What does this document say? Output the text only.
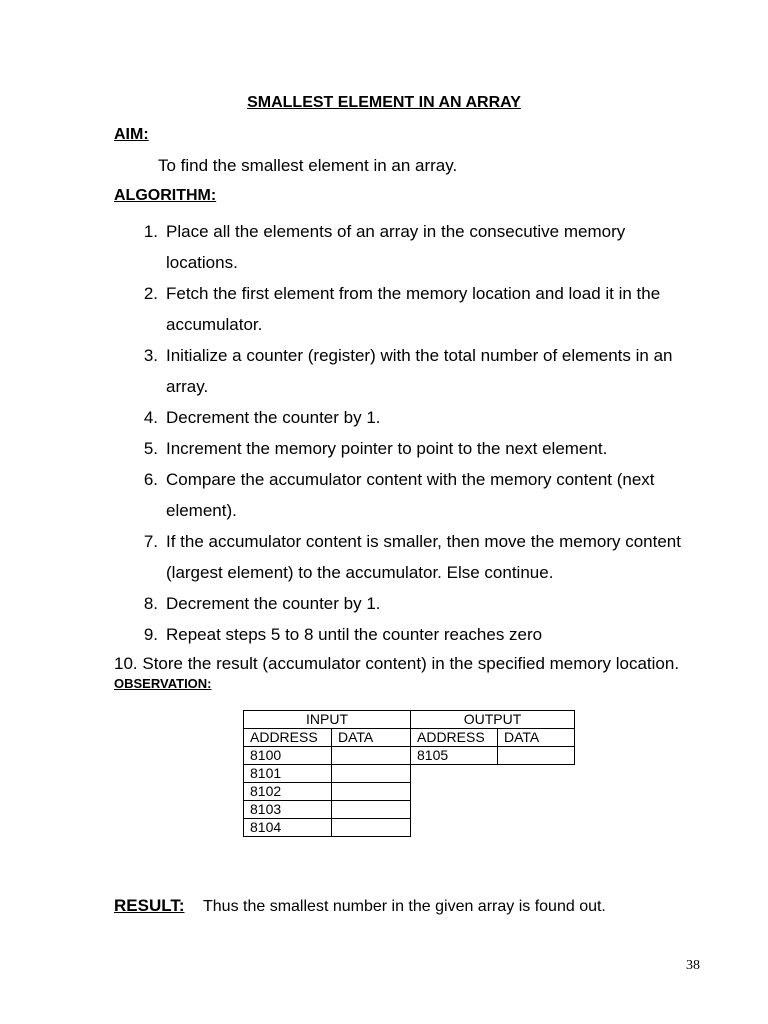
SMALLEST ELEMENT IN AN ARRAY
AIM:
To find the smallest element in an array.
ALGORITHM:
1. Place all the elements of an array in the consecutive memory
locations.
2. Fetch the first element from the memory location and load it in the
accumulator.
3. Initialize a counter (register) with the total number of elements in an
array.
4. Decrement the counter by 1.
5. Increment the memory pointer to point to the next element.
6. Compare the accumulator content with the memory content (next
element).
7. If the accumulator content is smaller, then move the memory content
(largest element) to the accumulator. Else continue.
8. Decrement the counter by 1.
9. Repeat steps 5 to 8 until the counter reaches zero
10. Store the result (accumulator content) in the specified memory location.
OBSERVATION:
INPUT		OUTPUT	
ADDRESS	DATA	ADDRESS	DATA
8100		8105	
8101			
8102			
8103			
8104			
RESULT: Thus the smallest number in the given array is found out.
38
